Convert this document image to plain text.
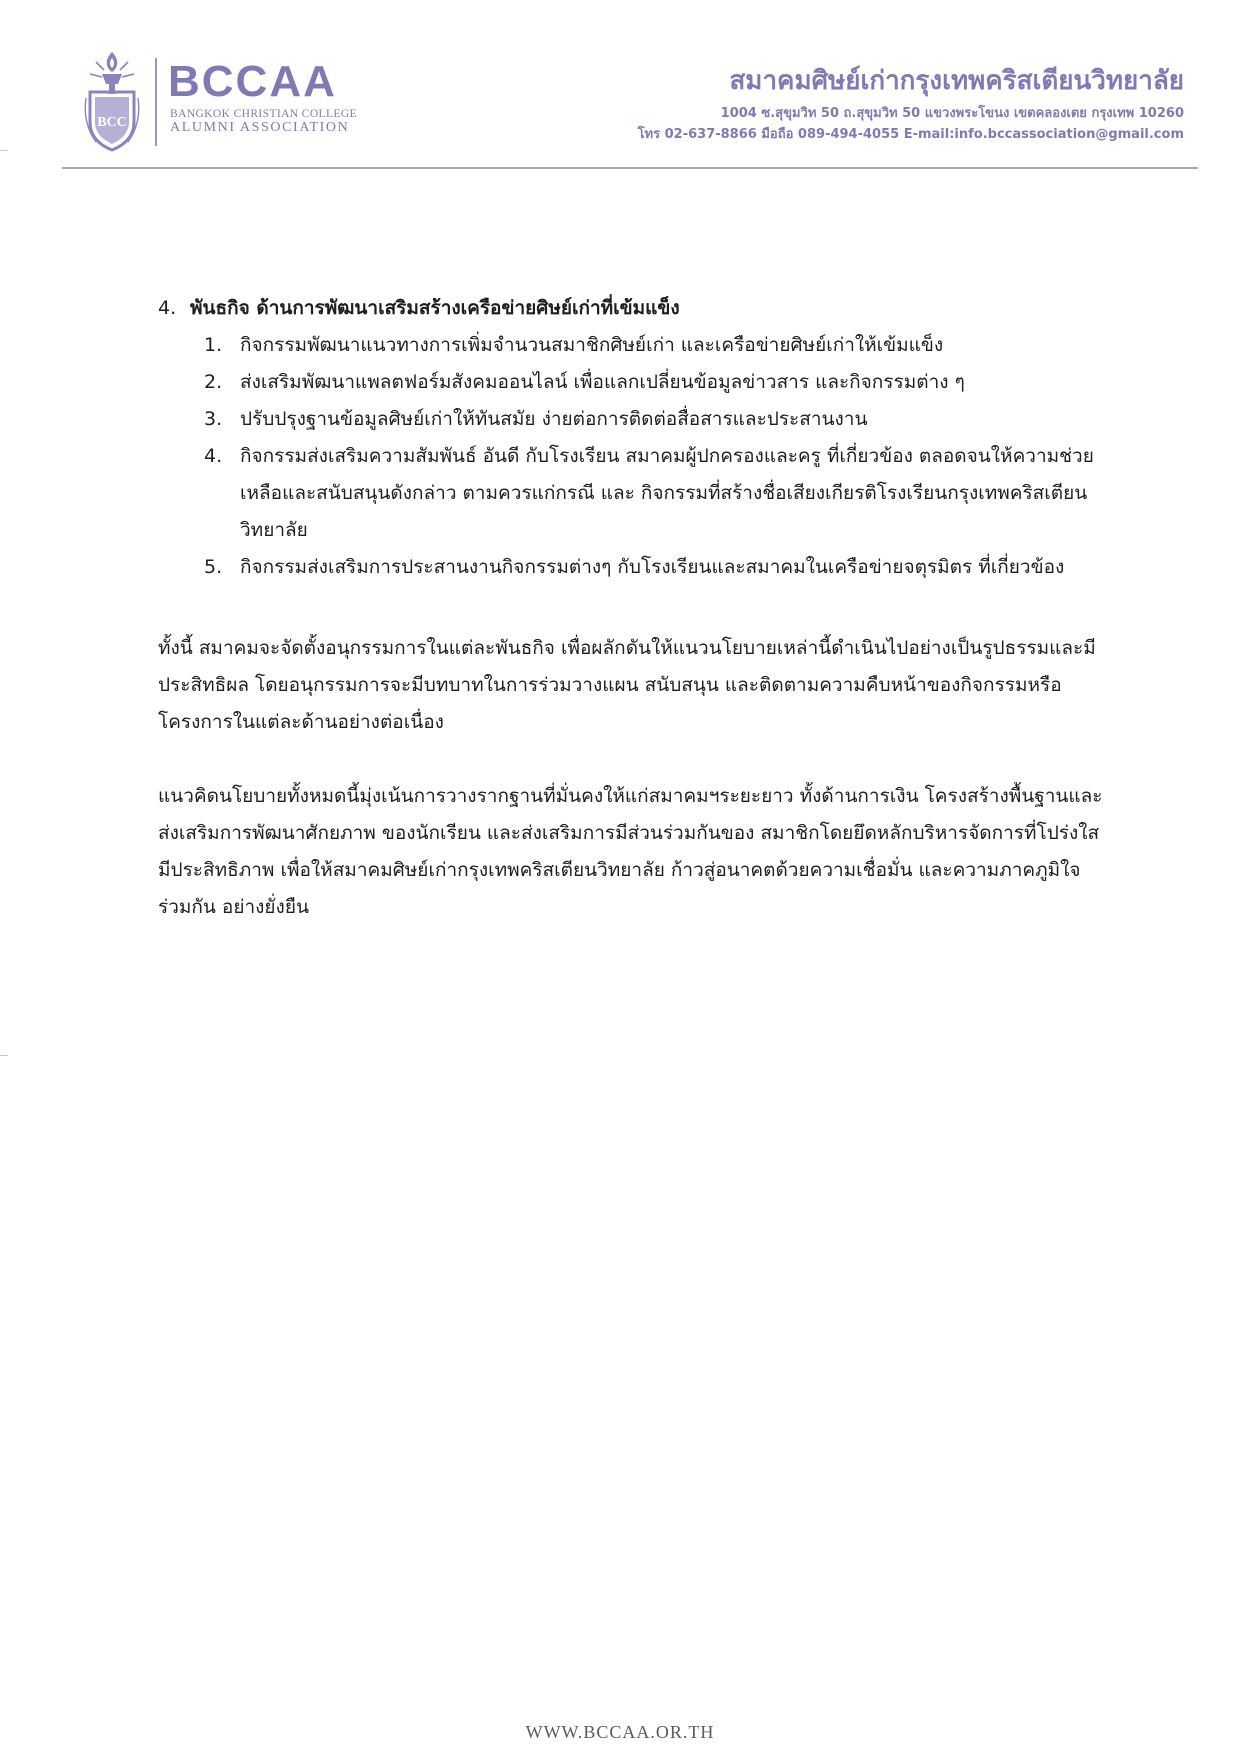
BCC
BCCAA
BANGKOK CHRISTIAN COLLEGE
ALUMNI ASSOCIATION
สมาคมศิษย์เก่ากรุงเทพคริสเตียนวิทยาลัย
1004 ซ.สุขุมวิท 50 ถ.สุขุมวิท 50 แขวงพระโขนง เขตคลองเตย กรุงเทพ 10260
โทร 02-637-8866 มือถือ 089-494-4055 E-mail:info.bccassociation@gmail.com
4. พันธกิจ ด้านการพัฒนาเสริมสร้างเครือข่ายศิษย์เก่าที่เข้มแข็ง
1. กิจกรรมพัฒนาแนวทางการเพิ่มจำนวนสมาชิกศิษย์เก่า และเครือข่ายศิษย์เก่าให้เข้มแข็ง
2. ส่งเสริมพัฒนาแพลตฟอร์มสังคมออนไลน์ เพื่อแลกเปลี่ยนข้อมูลข่าวสาร และกิจกรรมต่าง ๆ
3. ปรับปรุงฐานข้อมูลศิษย์เก่าให้ทันสมัย ง่ายต่อการติดต่อสื่อสารและประสานงาน
4. กิจกรรมส่งเสริมความสัมพันธ์ อันดี กับโรงเรียน สมาคมผู้ปกครองและครู ที่เกี่ยวข้อง ตลอดจนให้ความช่วยเหลือและสนับสนุนดังกล่าว ตามควรแก่กรณี และ กิจกรรมที่สร้างชื่อเสียงเกียรติโรงเรียนกรุงเทพคริสเตียนวิทยาลัย
5. กิจกรรมส่งเสริมการประสานงานกิจกรรมต่างๆ กับโรงเรียนและสมาคมในเครือข่ายจตุรมิตร ที่เกี่ยวข้อง

ทั้งนี้ สมาคมจะจัดตั้งอนุกรรมการในแต่ละพันธกิจ เพื่อผลักดันให้แนวนโยบายเหล่านี้ดำเนินไปอย่างเป็นรูปธรรมและมีประสิทธิผล โดยอนุกรรมการจะมีบทบาทในการร่วมวางแผน สนับสนุน และติดตามความคืบหน้าของกิจกรรมหรือโครงการในแต่ละด้านอย่างต่อเนื่อง

แนวคิดนโยบายทั้งหมดนี้มุ่งเน้นการวางรากฐานที่มั่นคงให้แก่สมาคมฯระยะยาว ทั้งด้านการเงิน โครงสร้างพื้นฐานและส่งเสริมการพัฒนาศักยภาพ ของนักเรียน และส่งเสริมการมีส่วนร่วมกันของ สมาชิกโดยยึดหลักบริหารจัดการที่โปร่งใส มีประสิทธิภาพ เพื่อให้สมาคมศิษย์เก่ากรุงเทพคริสเตียนวิทยาลัย ก้าวสู่อนาคตด้วยความเชื่อมั่น และความภาคภูมิใจร่วมกัน อย่างยั่งยืน

WWW.BCCAA.OR.TH
